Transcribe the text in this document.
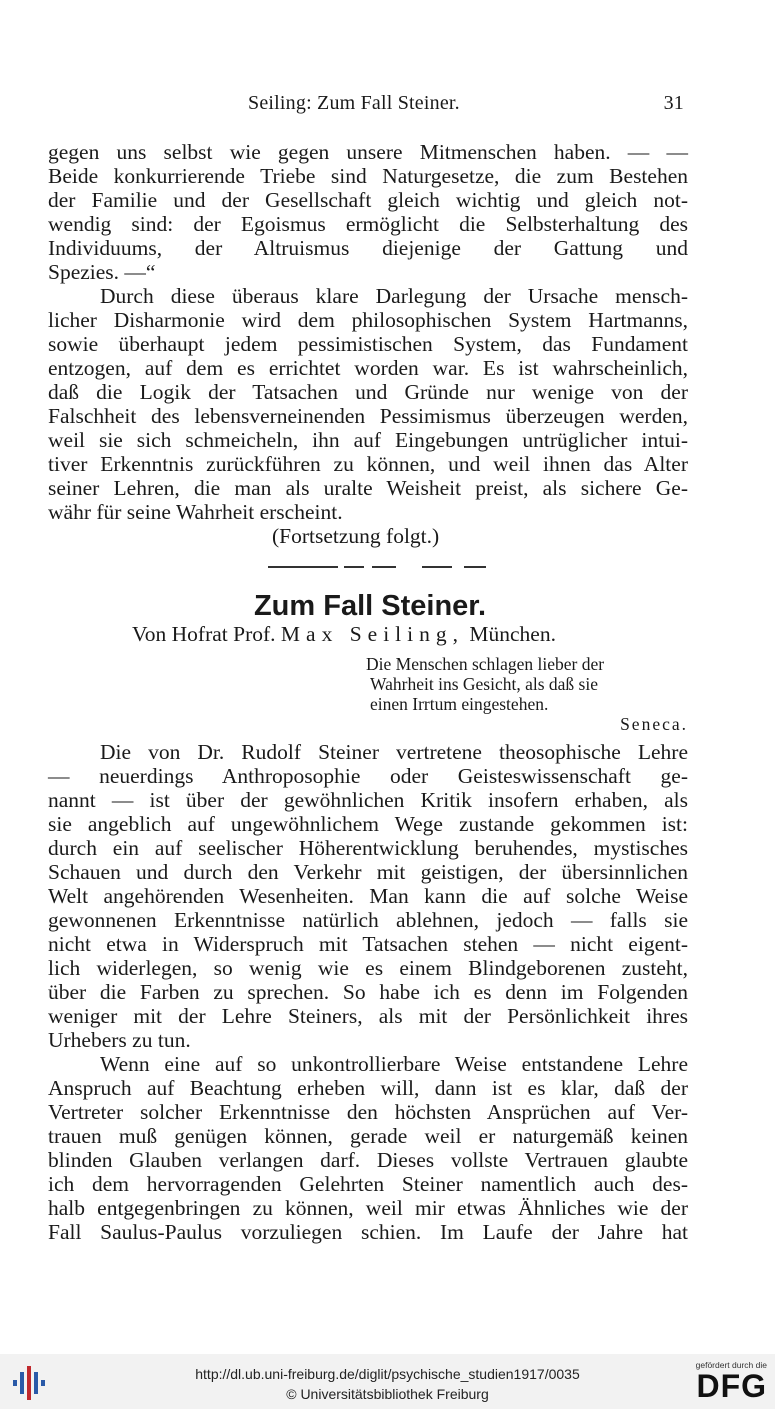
Seiling: Zum Fall Steiner.	31
gegen uns selbst wie gegen unsere Mitmenschen haben. — —
Beide konkurrierende Triebe sind Naturgesetze, die zum Bestehen
der Familie und der Gesellschaft gleich wichtig und gleich not-
wendig sind: der Egoismus ermöglicht die Selbsterhaltung des
Individuums, der Altruismus diejenige der Gattung und
Spezies. —“
Durch diese überaus klare Darlegung der Ursache mensch-
licher Disharmonie wird dem philosophischen System Hartmanns,
sowie überhaupt jedem pessimistischen System, das Fundament
entzogen, auf dem es errichtet worden war. Es ist wahrscheinlich,
daß die Logik der Tatsachen und Gründe nur wenige von der
Falschheit des lebensverneinenden Pessimismus überzeugen werden,
weil sie sich schmeicheln, ihn auf Eingebungen untrüglicher intui-
tiver Erkenntnis zurückführen zu können, und weil ihnen das Alter
seiner Lehren, die man als uralte Weisheit preist, als sichere Ge-
währ für seine Wahrheit erscheint.
(Fortsetzung folgt.)
Zum Fall Steiner.
Von Hofrat Prof. Max Seiling, München.
Die Menschen schlagen lieber der
Wahrheit ins Gesicht, als daß sie
einen Irrtum eingestehen.
Seneca.
Die von Dr. Rudolf Steiner vertretene theosophische Lehre
— neuerdings Anthroposophie oder Geisteswissenschaft ge-
nannt — ist über der gewöhnlichen Kritik insofern erhaben, als
sie angeblich auf ungewöhnlichem Wege zustande gekommen ist:
durch ein auf seelischer Höherentwicklung beruhendes, mystisches
Schauen und durch den Verkehr mit geistigen, der übersinnlichen
Welt angehörenden Wesenheiten. Man kann die auf solche Weise
gewonnenen Erkenntnisse natürlich ablehnen, jedoch — falls sie
nicht etwa in Widerspruch mit Tatsachen stehen — nicht eigent-
lich widerlegen, so wenig wie es einem Blindgeborenen zusteht,
über die Farben zu sprechen. So habe ich es denn im Folgenden
weniger mit der Lehre Steiners, als mit der Persönlichkeit ihres
Urhebers zu tun.
Wenn eine auf so unkontrollierbare Weise entstandene Lehre
Anspruch auf Beachtung erheben will, dann ist es klar, daß der
Vertreter solcher Erkenntnisse den höchsten Ansprüchen auf Ver-
trauen muß genügen können, gerade weil er naturgemäß keinen
blinden Glauben verlangen darf. Dieses vollste Vertrauen glaubte
ich dem hervorragenden Gelehrten Steiner namentlich auch des-
halb entgegenbringen zu können, weil mir etwas Ähnliches wie der
Fall Saulus-Paulus vorzuliegen schien. Im Laufe der Jahre hat
http://dl.ub.uni-freiburg.de/diglit/psychische_studien1917/0035
© Universitätsbibliothek Freiburg
gefördert durch die
DFG
